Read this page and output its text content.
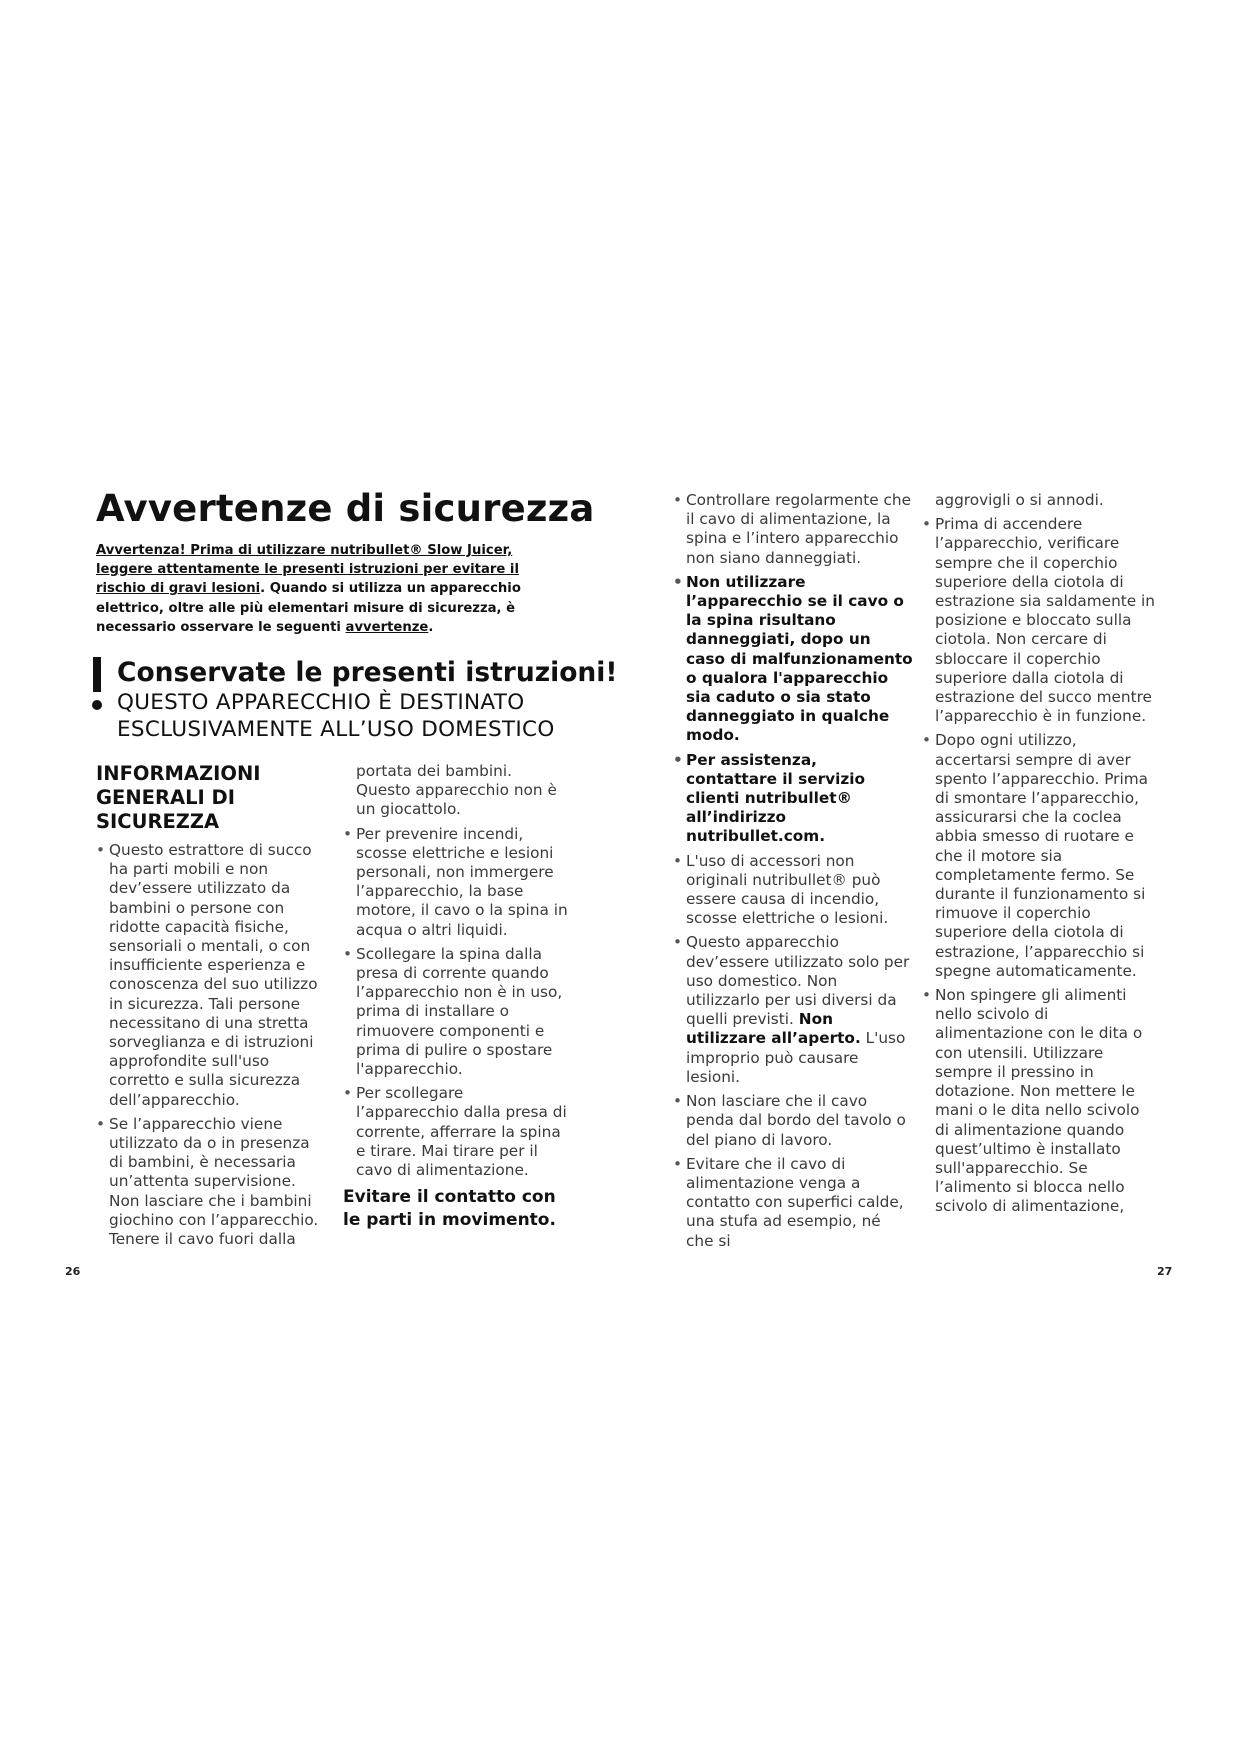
Avvertenze di sicurezza

Avvertenza! Prima di utilizzare nutribullet® Slow Juicer, leggere attentamente le presenti istruzioni per evitare il rischio di gravi lesioni. Quando si utilizza un apparecchio elettrico, oltre alle più elementari misure di sicurezza, è necessario osservare le seguenti avvertenze.

Conservate le presenti istruzioni!

QUESTO APPARECCHIO È DESTINATO
ESCLUSIVAMENTE ALL’USO DOMESTICO

INFORMAZIONI GENERALI DI SICUREZZA

• Questo estrattore di succo ha parti mobili e non dev’essere utilizzato da bambini o persone con ridotte capacità fisiche, sensoriali o mentali, o con insufficiente esperienza e conoscenza del suo utilizzo in sicurezza. Tali persone necessitano di una stretta sorveglianza e di istruzioni approfondite sull'uso corretto e sulla sicurezza dell’apparecchio.

• Se l’apparecchio viene utilizzato da o in presenza di bambini, è necessaria un’attenta supervisione. Non lasciare che i bambini giochino con l’apparecchio. Tenere il cavo fuori dalla

portata dei bambini. Questo apparecchio non è un giocattolo.

• Per prevenire incendi, scosse elettriche e lesioni personali, non immergere l’apparecchio, la base motore, il cavo o la spina in acqua o altri liquidi.

• Scollegare la spina dalla presa di corrente quando l’apparecchio non è in uso, prima di installare o rimuovere componenti e prima di pulire o spostare l'apparecchio.

• Per scollegare l’apparecchio dalla presa di corrente, afferrare la spina e tirare. Mai tirare per il cavo di alimentazione.

Evitare il contatto con le parti in movimento.

• Controllare regolarmente che il cavo di alimentazione, la spina e l’intero apparecchio non siano danneggiati.

• Non utilizzare l’apparecchio se il cavo o la spina risultano danneggiati, dopo un caso di malfunzionamento o qualora l'apparecchio sia caduto o sia stato danneggiato in qualche modo.

• Per assistenza, contattare il servizio clienti nutribullet® all’indirizzo nutribullet.com.

• L'uso di accessori non originali nutribullet® può essere causa di incendio, scosse elettriche o lesioni.

• Questo apparecchio dev’essere utilizzato solo per uso domestico. Non utilizzarlo per usi diversi da quelli previsti. Non utilizzare all’aperto. L'uso improprio può causare lesioni.

• Non lasciare che il cavo penda dal bordo del tavolo o del piano di lavoro.

• Evitare che il cavo di alimentazione venga a contatto con superfici calde, una stufa ad esempio, né che si

aggrovigli o si annodi.

• Prima di accendere l’apparecchio, verificare sempre che il coperchio superiore della ciotola di estrazione sia saldamente in posizione e bloccato sulla ciotola. Non cercare di sbloccare il coperchio superiore dalla ciotola di estrazione del succo mentre l’apparecchio è in funzione.

• Dopo ogni utilizzo, accertarsi sempre di aver spento l’apparecchio. Prima di smontare l’apparecchio, assicurarsi che la coclea abbia smesso di ruotare e che il motore sia completamente fermo. Se durante il funzionamento si rimuove il coperchio superiore della ciotola di estrazione, l’apparecchio si spegne automaticamente.

• Non spingere gli alimenti nello scivolo di alimentazione con le dita o con utensili. Utilizzare sempre il pressino in dotazione. Non mettere le mani o le dita nello scivolo di alimentazione quando quest’ultimo è installato sull'apparecchio. Se l’alimento si blocca nello scivolo di alimentazione,

26	27
